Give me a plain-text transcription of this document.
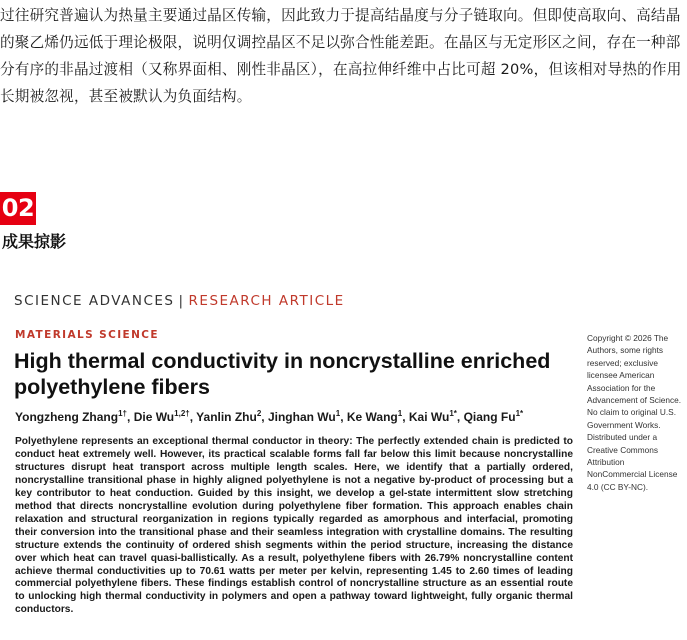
过往研究普遍认为热量主要通过晶区传输，因此致力于提高结晶度与分子链取向。但即使高取向、高结晶的聚乙烯仍远低于理论极限，说明仅调控晶区不足以弥合性能差距。在晶区与无定形区之间，存在一种部分有序的非晶过渡相（又称界面相、刚性非晶区），在高拉伸纤维中占比可超 20%，但该相对导热的作用长期被忽视，甚至被默认为负面结构。
02
成果掠影
SCIENCE ADVANCES | RESEARCH ARTICLE
MATERIALS SCIENCE
High thermal conductivity in noncrystalline enriched polyethylene fibers
Yongzheng Zhang$^{1\dagger}$, Die $Wu^{1,2\dagger}$, Yanlin Zhu$^2$, Jinghan Wu$^1$, Ke Wang$^1$, Kai $Wu^{1*}$, Qiang $Fu^{1*}$
Polyethylene represents an exceptional thermal conductor in theory: The perfectly extended chain is predicted to conduct heat extremely well. However, its practical scalable forms fall far below this limit because noncrystalline structures disrupt heat transport across multiple length scales. Here, we identify that a partially ordered, noncrystalline transitional phase in highly aligned polyethylene is not a negative by-product of processing but a key contributor to heat conduction. Guided by this insight, we develop a gel-state intermittent slow stretching method that directs noncrystalline evolution during polyethylene fiber formation. This approach enables chain relaxation and structural reorganization in regions typically regarded as amorphous and interfacial, promoting their conversion into the transitional phase and their seamless integration with crystalline domains. The resulting structure extends the continuity of ordered shish segments within the period structure, increasing the distance over which heat can travel quasi-ballistically. As a result, polyethylene fibers with 26.79% noncrystalline content achieve thermal conductivities up to 70.61 watts per meter per kelvin, representing 1.45 to 2.60 times of leading commercial polyethylene fibers. These findings establish control of noncrystalline structure as an essential route to unlocking high thermal conductivity in polymers and open a pathway toward lightweight, fully organic thermal conductors.
Copyright © 2026 The Authors, some rights reserved; exclusive licensee American Association for the Advancement of Science. No claim to original U.S. Government Works. Distributed under a Creative Commons Attribution NonCommercial License 4.0 (CC BY-NC).
